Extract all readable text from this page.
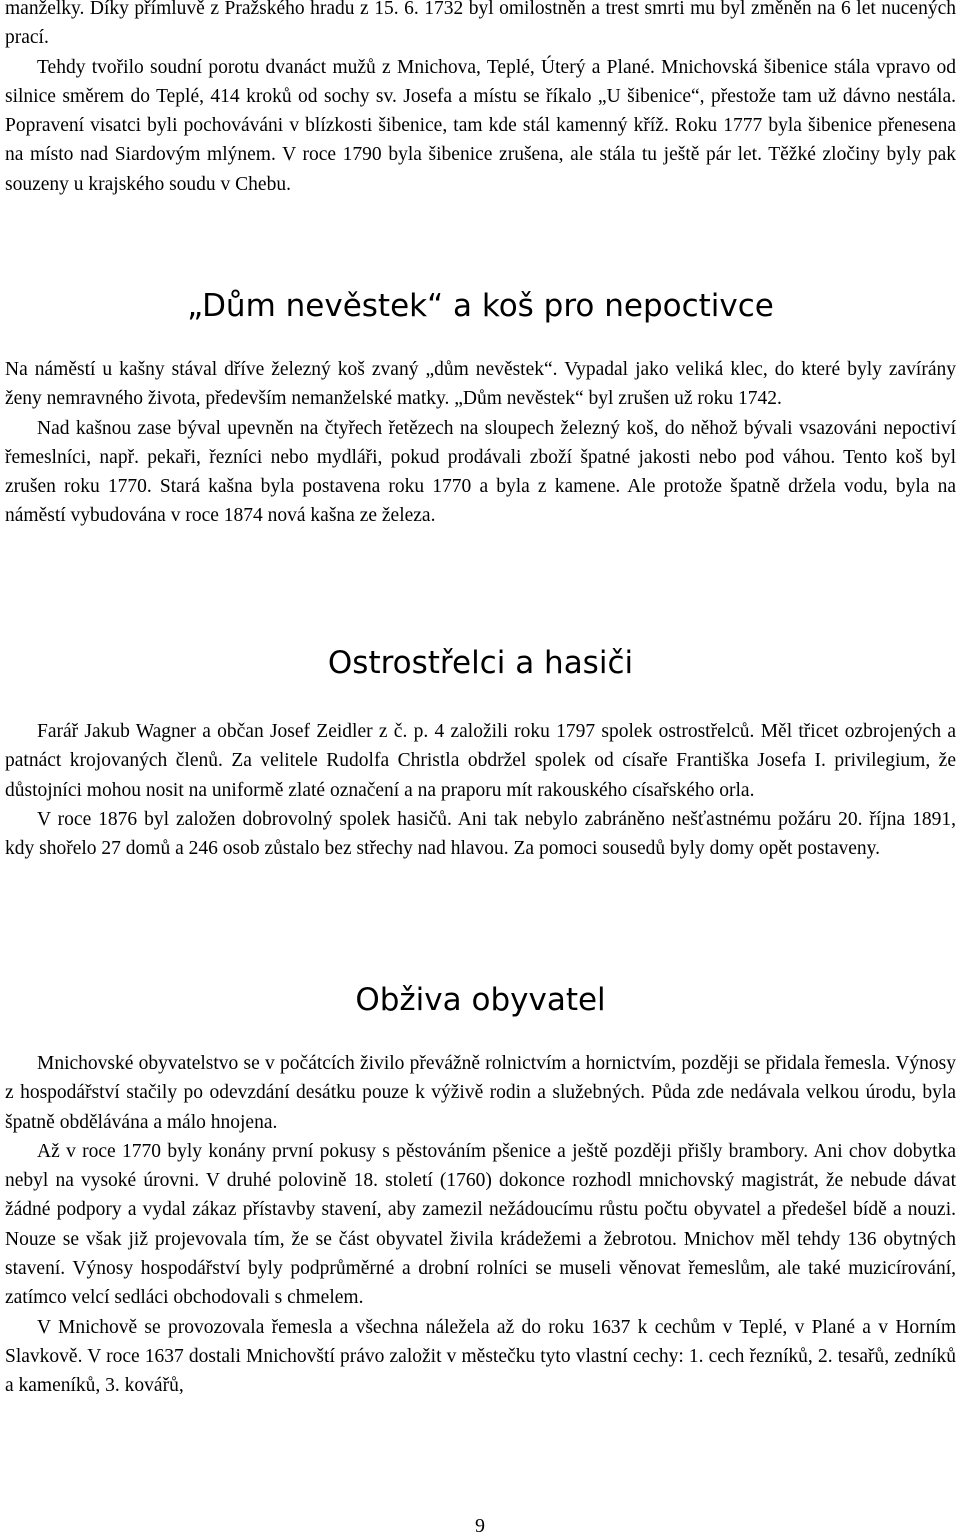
manželky. Díky přímluvě z Pražského hradu z 15. 6. 1732 byl omilostněn a trest smrti mu byl změněn na 6 let nucených prací.

Tehdy tvořilo soudní porotu dvanáct mužů z Mnichova, Teplé, Úterý a Plané. Mnichovská šibenice stála vpravo od silnice směrem do Teplé, 414 kroků od sochy sv. Josefa a místu se říkalo „U šibenice“, přestože tam už dávno nestála. Popravení visatci byli pochováváni v blízkosti šibenice, tam kde stál kamenný kříž. Roku 1777 byla šibenice přenesena na místo nad Siardovým mlýnem. V roce 1790 byla šibenice zrušena, ale stála tu ještě pár let. Těžké zločiny byly pak souzeny u krajského soudu v Chebu.

„Dům nevěstek“ a koš pro nepoctivce

Na náměstí u kašny stával dříve železný koš zvaný „dům nevěstek“. Vypadal jako veliká klec, do které byly zavírány ženy nemravného života, především nemanželské matky. „Dům nevěstek“ byl zrušen už roku 1742.

Nad kašnou zase býval upevněn na čtyřech řetězech na sloupech železný koš, do něhož bývali vsazováni nepoctiví řemeslníci, např. pekaři, řezníci nebo mydláři, pokud prodávali zboží špatné jakosti nebo pod váhou. Tento koš byl zrušen roku 1770. Stará kašna byla postavena roku 1770 a byla z kamene. Ale protože špatně držela vodu, byla na náměstí vybudována v roce 1874 nová kašna ze železa.

Ostrostřelci a hasiči

Farář Jakub Wagner a občan Josef Zeidler z č. p. 4 založili roku 1797 spolek ostrostřelců. Měl třicet ozbrojených a patnáct krojovaných členů. Za velitele Rudolfa Christla obdržel spolek od císaře Františka Josefa I. privilegium, že důstojníci mohou nosit na uniformě zlaté označení a na praporu mít rakouského císařského orla.

V roce 1876 byl založen dobrovolný spolek hasičů. Ani tak nebylo zabráněno nešťastnému požáru 20. října 1891, kdy shořelo 27 domů a 246 osob zůstalo bez střechy nad hlavou. Za pomoci sousedů byly domy opět postaveny.

Obživa obyvatel

Mnichovské obyvatelstvo se v počátcích živilo převážně rolnictvím a hornictvím, později se přidala řemesla. Výnosy z hospodářství stačily po odevzdání desátku pouze k výživě rodin a služebných. Půda zde nedávala velkou úrodu, byla špatně obdělávána a málo hnojena.

Až v roce 1770 byly konány první pokusy s pěstováním pšenice a ještě později přišly brambory. Ani chov dobytka nebyl na vysoké úrovni. V druhé polovině 18. století (1760) dokonce rozhodl mnichovský magistrát, že nebude dávat žádné podpory a vydal zákaz přístavby stavení, aby zamezil nežádoucímu růstu počtu obyvatel a předešel bídě a nouzi. Nouze se však již projevovala tím, že se část obyvatel živila krádežemi a žebrotou. Mnichov měl tehdy 136 obytných stavení. Výnosy hospodářství byly podprůměrné a drobní rolníci se museli věnovat řemeslům, ale také muzicírování, zatímco velcí sedláci obchodovali s chmelem.

V Mnichově se provozovala řemesla a všechna náležela až do roku 1637 k cechům v Teplé, v Plané a v Horním Slavkově. V roce 1637 dostali Mnichovští právo založit v městečku tyto vlastní cechy: 1. cech řezníků, 2. tesařů, zedníků a kameníků, 3. kovářů,

9
